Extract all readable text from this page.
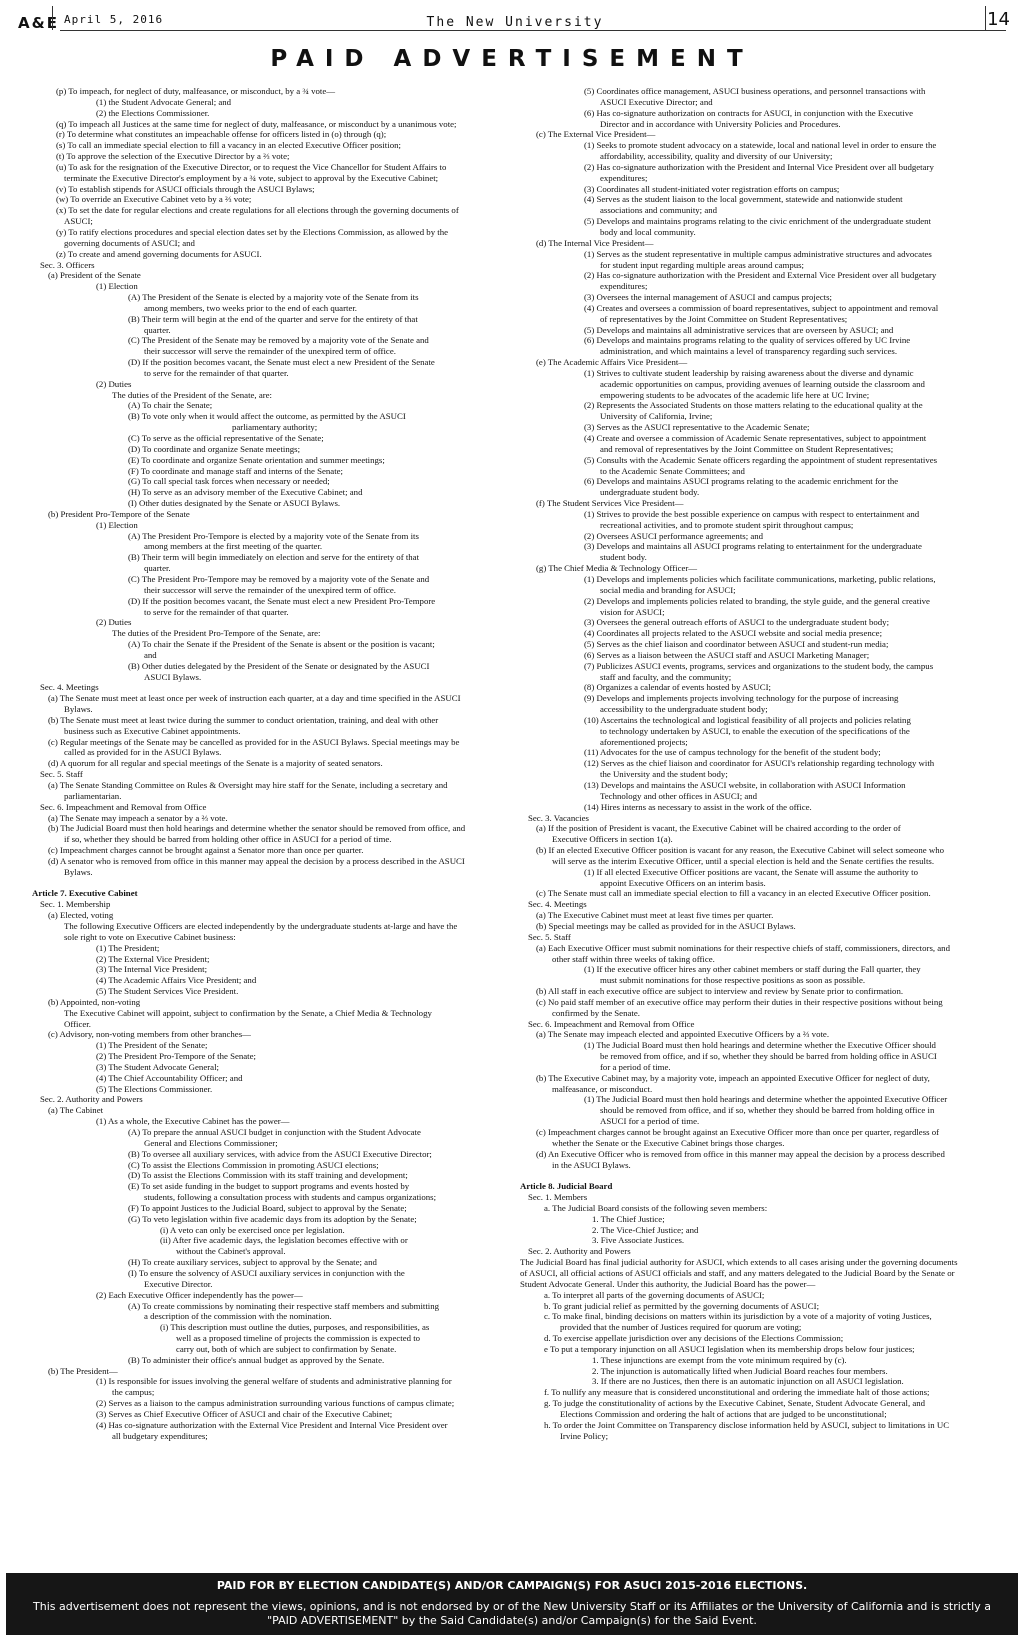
A&E April 5, 2016	The New University	14
PAID ADVERTISEMENT

(p) To impeach, for neglect of duty, malfeasance, or misconduct, by a ¾ vote—

(1) the Student Advocate General; and

(2) the Elections Commissioner.

(q) To impeach all Justices at the same time for neglect of duty, malfeasance, or misconduct by a unanimous vote;

(r) To determine what constitutes an impeachable offense for officers listed in (o) through (q);

(s) To call an immediate special election to fill a vacancy in an elected Executive Officer position;

(t) To approve the selection of the Executive Director by a ⅔ vote;

(u) To ask for the resignation of the Executive Director, or to request the Vice Chancellor for Student Affairs to

terminate the Executive Director's employment by a ¾ vote, subject to approval by the Executive Cabinet;

(v) To establish stipends for ASUCI officials through the ASUCI Bylaws;

(w) To override an Executive Cabinet veto by a ⅔ vote;

(x) To set the date for regular elections and create regulations for all elections through the governing documents of

ASUCI;

(y) To ratify elections procedures and special election dates set by the Elections Commission, as allowed by the

governing documents of ASUCI; and

(z) To create and amend governing documents for ASUCI.

Sec. 3. Officers

(a) President of the Senate

(1) Election

(A) The President of the Senate is elected by a majority vote of the Senate from its

among members, two weeks prior to the end of each quarter.

(B) Their term will begin at the end of the quarter and serve for the entirety of that

quarter.

(C) The President of the Senate may be removed by a majority vote of the Senate and

their successor will serve the remainder of the unexpired term of office.

(D) If the position becomes vacant, the Senate must elect a new President of the Senate

to serve for the remainder of that quarter.

(2) Duties

The duties of the President of the Senate, are:

(A) To chair the Senate;

(B) To vote only when it would affect the outcome, as permitted by the ASUCI

parliamentary authority;

(C) To serve as the official representative of the Senate;

(D) To coordinate and organize Senate meetings;

(E) To coordinate and organize Senate orientation and summer meetings;

(F) To coordinate and manage staff and interns of the Senate;

(G) To call special task forces when necessary or needed;

(H) To serve as an advisory member of the Executive Cabinet; and

(I) Other duties designated by the Senate or ASUCI Bylaws.

(b) President Pro-Tempore of the Senate

(1) Election

(A) The President Pro-Tempore is elected by a majority vote of the Senate from its

among members at the first meeting of the quarter.

(B) Their term will begin immediately on election and serve for the entirety of that

quarter.

(C) The President Pro-Tempore may be removed by a majority vote of the Senate and

their successor will serve the remainder of the unexpired term of office.

(D) If the position becomes vacant, the Senate must elect a new President Pro-Tempore

to serve for the remainder of that quarter.

(2) Duties

The duties of the President Pro-Tempore of the Senate, are:

(A) To chair the Senate if the President of the Senate is absent or the position is vacant;

and

(B) Other duties delegated by the President of the Senate or designated by the ASUCI

ASUCI Bylaws.

Sec. 4. Meetings

(a) The Senate must meet at least once per week of instruction each quarter, at a day and time specified in the ASUCI

Bylaws.

(b) The Senate must meet at least twice during the summer to conduct orientation, training, and deal with other

business such as Executive Cabinet appointments.

(c) Regular meetings of the Senate may be cancelled as provided for in the ASUCI Bylaws. Special meetings may be

called as provided for in the ASUCI Bylaws.

(d) A quorum for all regular and special meetings of the Senate is a majority of seated senators.

Sec. 5. Staff

(a) The Senate Standing Committee on Rules & Oversight may hire staff for the Senate, including a secretary and

parliamentarian.

Sec. 6. Impeachment and Removal from Office

(a) The Senate may impeach a senator by a ⅔ vote.

(b) The Judicial Board must then hold hearings and determine whether the senator should be removed from office, and

if so, whether they should be barred from holding other office in ASUCI for a period of time.

(c) Impeachment charges cannot be brought against a Senator more than once per quarter.

(d) A senator who is removed from office in this manner may appeal the decision by a process described in the ASUCI

Bylaws.

Article 7. Executive Cabinet

Sec. 1. Membership

(a) Elected, voting

The following Executive Officers are elected independently by the undergraduate students at-large and have the

sole right to vote on Executive Cabinet business:

(1) The President;

(2) The External Vice President;

(3) The Internal Vice President;

(4) The Academic Affairs Vice President; and

(5) The Student Services Vice President.

(b) Appointed, non-voting

The Executive Cabinet will appoint, subject to confirmation by the Senate, a Chief Media & Technology

Officer.

(c) Advisory, non-voting members from other branches—

(1) The President of the Senate;

(2) The President Pro-Tempore of the Senate;

(3) The Student Advocate General;

(4) The Chief Accountability Officer; and

(5) The Elections Commissioner.

Sec. 2. Authority and Powers

(a) The Cabinet

(1) As a whole, the Executive Cabinet has the power—

(A) To prepare the annual ASUCI budget in conjunction with the Student Advocate

General and Elections Commissioner;

(B) To oversee all auxiliary services, with advice from the ASUCI Executive Director;

(C) To assist the Elections Commission in promoting ASUCI elections;

(D) To assist the Elections Commission with its staff training and development;

(E) To set aside funding in the budget to support programs and events hosted by

students, following a consultation process with students and campus organizations;

(F) To appoint Justices to the Judicial Board, subject to approval by the Senate;

(G) To veto legislation within five academic days from its adoption by the Senate;

(i) A veto can only be exercised once per legislation.

(ii) After five academic days, the legislation becomes effective with or

without the Cabinet's approval.

(H) To create auxiliary services, subject to approval by the Senate; and

(I) To ensure the solvency of ASUCI auxiliary services in conjunction with the

Executive Director.

(2) Each Executive Officer independently has the power—

(A) To create commissions by nominating their respective staff members and submitting

a description of the commission with the nomination.

(i) This description must outline the duties, purposes, and responsibilities, as

well as a proposed timeline of projects the commission is expected to

carry out, both of which are subject to confirmation by Senate.

(B) To administer their office's annual budget as approved by the Senate.

(b) The President—

(1) Is responsible for issues involving the general welfare of students and administrative planning for

the campus;

(2) Serves as a liaison to the campus administration surrounding various functions of campus climate;

(3) Serves as Chief Executive Officer of ASUCI and chair of the Executive Cabinet;

(4) Has co-signature authorization with the External Vice President and Internal Vice President over

all budgetary expenditures;

(5) Coordinates office management, ASUCI business operations, and personnel transactions with

ASUCI Executive Director; and

(6) Has co-signature authorization on contracts for ASUCI, in conjunction with the Executive

Director and in accordance with University Policies and Procedures.

(c) The External Vice President—

(1) Seeks to promote student advocacy on a statewide, local and national level in order to ensure the

affordability, accessibility, quality and diversity of our University;

(2) Has co-signature authorization with the President and Internal Vice President over all budgetary

expenditures;

(3) Coordinates all student-initiated voter registration efforts on campus;

(4) Serves as the student liaison to the local government, statewide and nationwide student

associations and community; and

(5) Develops and maintains programs relating to the civic enrichment of the undergraduate student

body and local community.

(d) The Internal Vice President—

(1) Serves as the student representative in multiple campus administrative structures and advocates

for student input regarding multiple areas around campus;

(2) Has co-signature authorization with the President and External Vice President over all budgetary

expenditures;

(3) Oversees the internal management of ASUCI and campus projects;

(4) Creates and oversees a commission of board representatives, subject to appointment and removal

of representatives by the Joint Committee on Student Representatives;

(5) Develops and maintains all administrative services that are overseen by ASUCI; and

(6) Develops and maintains programs relating to the quality of services offered by UC Irvine

administration, and which maintains a level of transparency regarding such services.

(e) The Academic Affairs Vice President—

(1) Strives to cultivate student leadership by raising awareness about the diverse and dynamic

academic opportunities on campus, providing avenues of learning outside the classroom and

empowering students to be advocates of the academic life here at UC Irvine;

(2) Represents the Associated Students on those matters relating to the educational quality at the

University of California, Irvine;

(3) Serves as the ASUCI representative to the Academic Senate;

(4) Create and oversee a commission of Academic Senate representatives, subject to appointment

and removal of representatives by the Joint Committee on Student Representatives;

(5) Consults with the Academic Senate officers regarding the appointment of student representatives

to the Academic Senate Committees; and

(6) Develops and maintains ASUCI programs relating to the academic enrichment for the

undergraduate student body.

(f) The Student Services Vice President—

(1) Strives to provide the best possible experience on campus with respect to entertainment and

recreational activities, and to promote student spirit throughout campus;

(2) Oversees ASUCI performance agreements; and

(3) Develops and maintains all ASUCI programs relating to entertainment for the undergraduate

student body.

(g) The Chief Media & Technology Officer—

(1) Develops and implements policies which facilitate communications, marketing, public relations,

social media and branding for ASUCI;

(2) Develops and implements policies related to branding, the style guide, and the general creative

vision for ASUCI;

(3) Oversees the general outreach efforts of ASUCI to the undergraduate student body;

(4) Coordinates all projects related to the ASUCI website and social media presence;

(5) Serves as the chief liaison and coordinator between ASUCI and student-run media;

(6) Serves as a liaison between the ASUCI staff and ASUCI Marketing Manager;

(7) Publicizes ASUCI events, programs, services and organizations to the student body, the campus

staff and faculty, and the community;

(8) Organizes a calendar of events hosted by ASUCI;

(9) Develops and implements projects involving technology for the purpose of increasing

accessibility to the undergraduate student body;

(10) Ascertains the technological and logistical feasibility of all projects and policies relating

to technology undertaken by ASUCI, to enable the execution of the specifications of the

aforementioned projects;

(11) Advocates for the use of campus technology for the benefit of the student body;

(12) Serves as the chief liaison and coordinator for ASUCI's relationship regarding technology with

the University and the student body;

(13) Develops and maintains the ASUCI website, in collaboration with ASUCI Information

Technology and other offices in ASUCI; and

(14) Hires interns as necessary to assist in the work of the office.

Sec. 3. Vacancies

(a) If the position of President is vacant, the Executive Cabinet will be chaired according to the order of

Executive Officers in section 1(a).

(b) If an elected Executive Officer position is vacant for any reason, the Executive Cabinet will select someone who

will serve as the interim Executive Officer, until a special election is held and the Senate certifies the results.

(1) If all elected Executive Officer positions are vacant, the Senate will assume the authority to

appoint Executive Officers on an interim basis.

(c) The Senate must call an immediate special election to fill a vacancy in an elected Executive Officer position.

Sec. 4. Meetings

(a) The Executive Cabinet must meet at least five times per quarter.

(b) Special meetings may be called as provided for in the ASUCI Bylaws.

Sec. 5. Staff

(a) Each Executive Officer must submit nominations for their respective chiefs of staff, commissioners, directors, and

other staff within three weeks of taking office.

(1) If the executive officer hires any other cabinet members or staff during the Fall quarter, they

must submit nominations for those respective positions as soon as possible.

(b) All staff in each executive office are subject to interview and review by Senate prior to confirmation.

(c) No paid staff member of an executive office may perform their duties in their respective positions without being

confirmed by the Senate.

Sec. 6. Impeachment and Removal from Office

(a) The Senate may impeach elected and appointed Executive Officers by a ⅔ vote.

(1) The Judicial Board must then hold hearings and determine whether the Executive Officer should

be removed from office, and if so, whether they should be barred from holding office in ASUCI

for a period of time.

(b) The Executive Cabinet may, by a majority vote, impeach an appointed Executive Officer for neglect of duty,

malfeasance, or misconduct.

(1) The Judicial Board must then hold hearings and determine whether the appointed Executive Officer

should be removed from office, and if so, whether they should be barred from holding office in

ASUCI for a period of time.

(c) Impeachment charges cannot be brought against an Executive Officer more than once per quarter, regardless of

whether the Senate or the Executive Cabinet brings those charges.

(d) An Executive Officer who is removed from office in this manner may appeal the decision by a process described

in the ASUCI Bylaws.

Article 8. Judicial Board

Sec. 1. Members

a. The Judicial Board consists of the following seven members:

1. The Chief Justice;

2. The Vice-Chief Justice; and

3. Five Associate Justices.

Sec. 2. Authority and Powers

The Judicial Board has final judicial authority for ASUCI, which extends to all cases arising under the governing documents

of ASUCI, all official actions of ASUCI officials and staff, and any matters delegated to the Judicial Board by the Senate or

Student Advocate General. Under this authority, the Judicial Board has the power—

a. To interpret all parts of the governing documents of ASUCI;

b. To grant judicial relief as permitted by the governing documents of ASUCI;

c. To make final, binding decisions on matters within its jurisdiction by a vote of a majority of voting Justices,

provided that the number of Justices required for quorum are voting;

d. To exercise appellate jurisdiction over any decisions of the Elections Commission;

e To put a temporary injunction on all ASUCI legislation when its membership drops below four justices;

1. These injunctions are exempt from the vote minimum required by (c).

2. The injunction is automatically lifted when Judicial Board reaches four members.

3. If there are no Justices, then there is an automatic injunction on all ASUCI legislation.

f. To nullify any measure that is considered unconstitutional and ordering the immediate halt of those actions;

g. To judge the constitutionality of actions by the Executive Cabinet, Senate, Student Advocate General, and

Elections Commission and ordering the halt of actions that are judged to be unconstitutional;

h. To order the Joint Committee on Transparency disclose information held by ASUCI, subject to limitations in UC

Irvine Policy;

PAID FOR BY ELECTION CANDIDATE(S) AND/OR CAMPAIGN(S) FOR ASUCI 2015-2016 ELECTIONS.
This advertisement does not represent the views, opinions, and is not endorsed by or of the New University Staff or its Affiliates or the University of California and is strictly a
"PAID ADVERTISEMENT" by the Said Candidate(s) and/or Campaign(s) for the Said Event.
